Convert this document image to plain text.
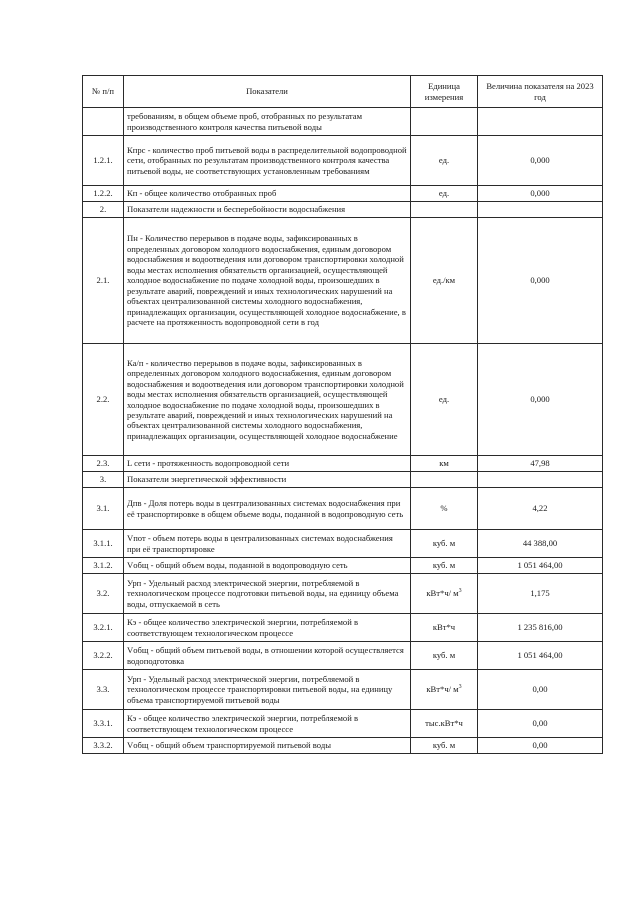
№ п/п	Показатели	Единица измерения	Величина показателя на 2023 год
	требованиям, в общем объеме проб, отобранных по результатам производственного контроля качества питьевой воды		
1.2.1.	Кпрс - количество проб питьевой воды в распределительной водопроводной сети, отобранных по результатам производственного контроля качества питьевой воды, не соответствующих установленным требованиям	ед.	0,000
1.2.2.	Кп - общее количество отобранных проб	ед.	0,000
2.	Показатели надежности и бесперебойности водоснабжения		
2.1.	Пн - Количество перерывов в подаче воды, зафиксированных в определенных договором холодного водоснабжения, единым договором водоснабжения и водоотведения или договором транспортировки холодной воды местах исполнения обязательств организацией, осуществляющей холодное водоснабжение по подаче холодной воды, произошедших в результате аварий, повреждений и иных технологических нарушений на объектах централизованной системы холодного водоснабжения, принадлежащих организации, осуществляющей холодное водоснабжение, в расчете на протяженность водопроводной сети в год	ед./км	0,000
2.2.	Ка/п - количество перерывов в подаче воды, зафиксированных в определенных договором холодного водоснабжения, единым договором водоснабжения и водоотведения или договором транспортировки холодной воды местах исполнения обязательств организацией, осуществляющей холодное водоснабжение по подаче холодной воды, произошедших в результате аварий, повреждений и иных технологических нарушений на объектах централизованной системы холодного водоснабжения, принадлежащих организации, осуществляющей холодное водоснабжение	ед.	0,000
2.3.	L сети - протяженность водопроводной сети	км	47,98
3.	Показатели энергетической эффективности		
3.1.	Дпв - Доля потерь воды в централизованных системах водоснабжения при её транспортировке в общем объеме воды, поданной в водопроводную сеть	%	4,22
3.1.1.	Vпот - объем потерь воды в централизованных системах водоснабжения при её транспортировке	куб. м	44 388,00
3.1.2.	Vобщ - общий объем воды, поданной в водопроводную сеть	куб. м	1 051 464,00
3.2.	Урп - Удельный расход электрической энергии, потребляемой в технологическом процессе подготовки питьевой воды, на единицу объема воды, отпускаемой в сеть	кВт*ч/ $м^3$	1,175
3.2.1.	Кэ - общее количество электрической энергии, потребляемой в соответствующем технологическом процессе	кВт*ч	1 235 816,00
3.2.2.	Vобщ - общий объем питьевой воды, в отношении которой осуществляется водоподготовка	куб. м	1 051 464,00
3.3.	Урп - Удельный расход электрической энергии, потребляемой в технологическом процессе транспортировки питьевой воды, на единицу объема транспортируемой питьевой воды	кВт*ч/ $м^3$	0,00
3.3.1.	Кэ - общее количество электрической энергии, потребляемой в соответствующем технологическом процессе	тыс.кВт*ч	0,00
3.3.2.	Vобщ - общий объем транспортируемой питьевой воды	куб. м	0,00
